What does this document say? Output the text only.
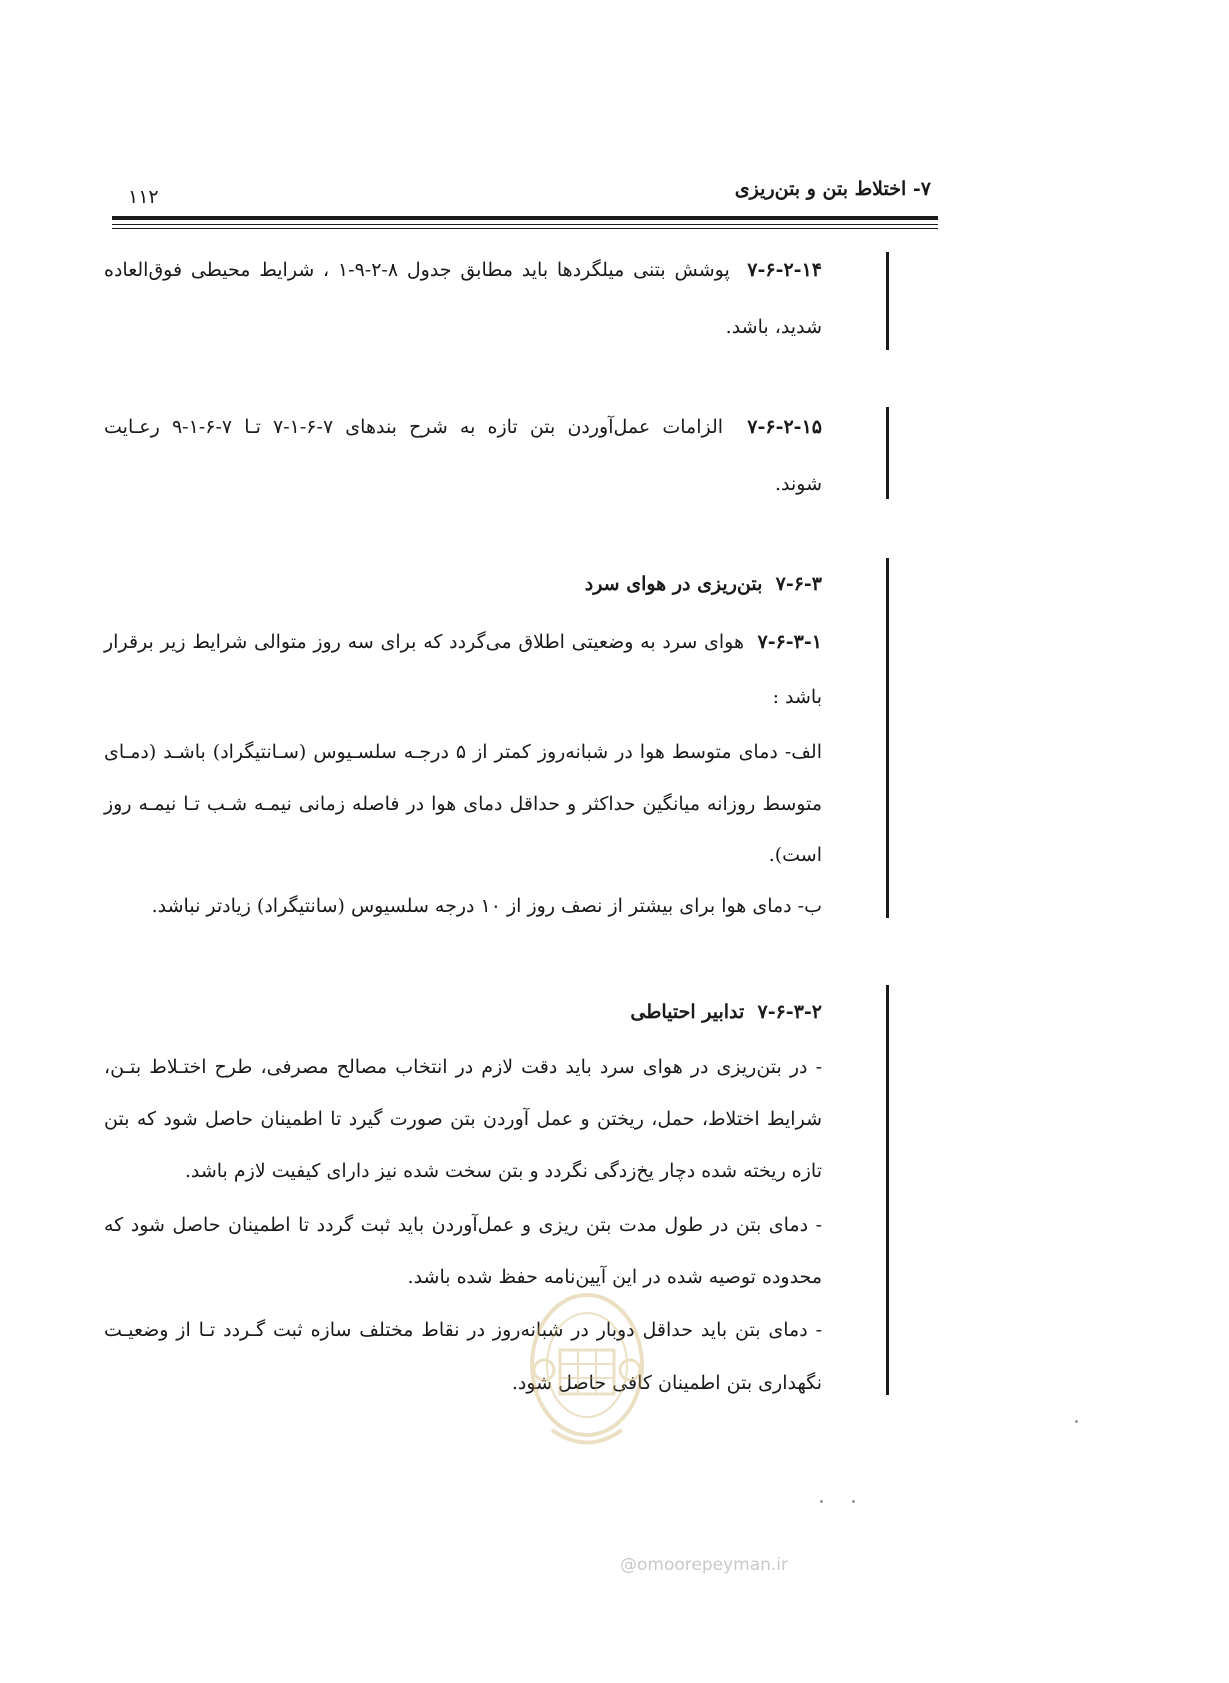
۷- اختلاط بتن و بتن‌ریزی
۱۱۲
۷-۶-۲-۱۴  پوشش بتنی میلگردها باید مطابق جدول ۸-۲-۹-۱ ، شرایط محیطی فوق‌العاده
شدید، باشد.
۷-۶-۲-۱۵  الزامات عمل‌آوردن بتن تازه به شرح بندهای ۷-۶-۱-۷ تـا ۷-۶-۱-۹ رعـایت
شوند.
۷-۶-۳  بتن‌ریزی در هوای سرد
۷-۶-۳-۱  هوای سرد به وضعیتی اطلاق می‌گردد که برای سه روز متوالی شرایط زیر برقرار
باشد :
الف- دمای متوسط هوا در شبانه‌روز کمتر از ۵ درجـه سلسـیوس (سـانتیگراد) باشـد (دمـای
متوسط روزانه میانگین حداکثر و حداقل دمای هوا در فاصله زمانی نیمـه شـب تـا نیمـه روز
است).
ب- دمای هوا برای بیشتر از نصف روز از ۱۰ درجه سلسیوس (سانتیگراد) زیادتر نباشد.
۷-۶-۳-۲  تدابیر احتیاطی
- در بتن‌ریزی در هوای سرد باید دقت لازم در انتخاب مصالح مصرفی، طرح اختـلاط بتـن،
شرایط اختلاط، حمل، ریختن و عمل آوردن بتن صورت گیرد تا اطمینان حاصل شود که بتن
تازه ریخته شده دچار یخ‌زدگی نگردد و بتن سخت شده نیز دارای کیفیت لازم باشد.
- دمای بتن در طول مدت بتن ریزی و عمل‌آوردن باید ثبت گردد تا اطمینان حاصل شود که
محدوده توصیه شده در این آیین‌نامه حفظ شده باشد.
- دمای بتن باید حداقل دوبار در شبانه‌روز در نقاط مختلف سازه ثبت گـردد تـا از وضعیـت
نگهداری بتن اطمینان کافی حاصل شود.
@omoorepeyman.ir
